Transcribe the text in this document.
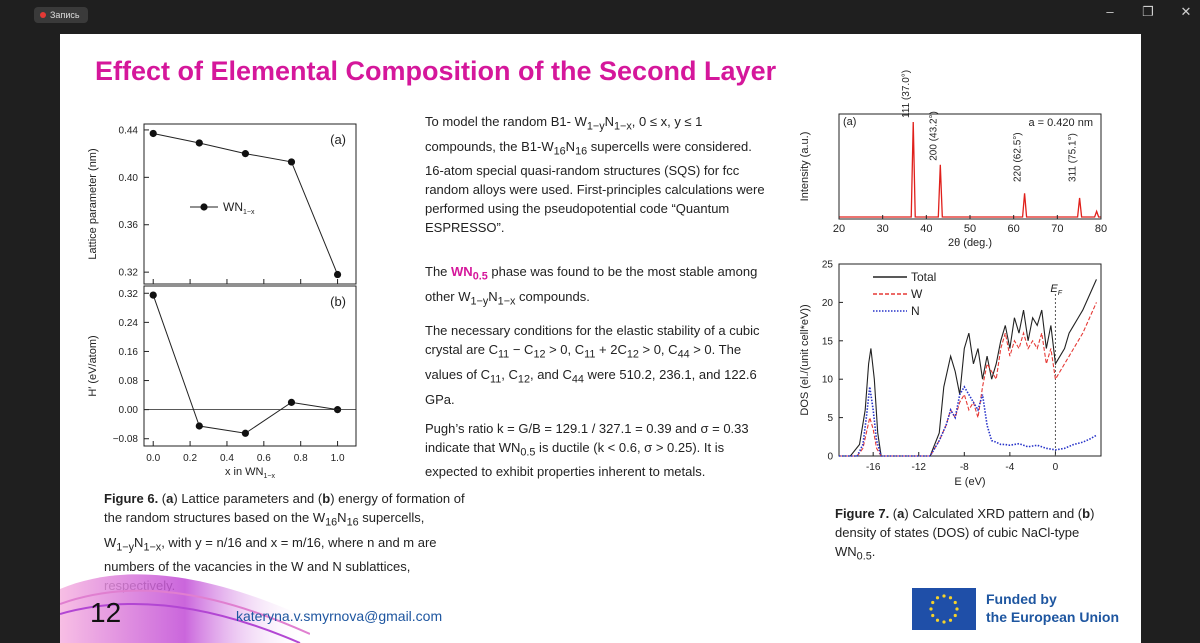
Запись	–	❐	✕
Effect of Elemental Composition of the Second Layer
0.32
0.36
0.40
0.44
(a)
Lattice parameter (nm)	$WN_{1-x}$
−0.08
0.00
0.08
0.16
0.24
0.32	(b)
H′ (eV/atom)
0.0 0.2 0.4 0.6 0.8 1.0
x in $WN_{1-x}$

To model the random B1- $W_{1-y}N_{1-x}$, 0 ≤ x, y ≤ 1 compounds, the $B1-W_{16}N_{16}$ supercells were considered. 16-atom special quasi-random structures (SQS) for fcc random alloys were used. First-principles calculations were performed using the pseudopotential code “Quantum ESPRESSO”.

The $WN_{0.5}$ phase was found to be the most stable among other $W_{1-y}N_{1-x}$ compounds.

The necessary conditions for the elastic stability of a cubic crystal are $C_{11} - C_{12} > 0$, $C_{11} + 2C_{12} > 0$, $C_{44} > 0$. The values of $C_{11}$, $C_{12}$, and $C_{44}$ were 510.2, 236.1, and 122.6 GPa.

Pugh’s ratio k = G/B = 129.1 / 327.1 = 0.39 and σ = 0.33 indicate that $WN_{0.5}$ is ductile (k < 0.6, σ > 0.25). It is expected to exhibit properties inherent to metals.

Figure 6. (a) Lattice parameters and (b) energy of formation of the random structures based on the $W_{16}N_{16}$ supercells, $W_{1-y}N_{1-x}$, with y = n/16 and x = m/16, where n and m are numbers of the vacancies in the W and N sublattices,
111 (37.0°)
200 (43.2°)	220 (62.5°)	311 (75.1°)
(a)	a = 0.420 nm
20	30	40	50	60	70	80
2θ (deg.)
Intensity (a.u.)
0
5
10
15
20
25
-16	-12	-8	-4	0
$E_F$
Total
W
N
E (eV)
DOS (el./(unit cell*eV))
Figure 7. (a) Calculated XRD pattern and (b) density of states (DOS) of cubic NaCl-type $WN_{0.5}$.
12	kateryna.v.smyrnova@gmail.com
Funded by
the European Union
